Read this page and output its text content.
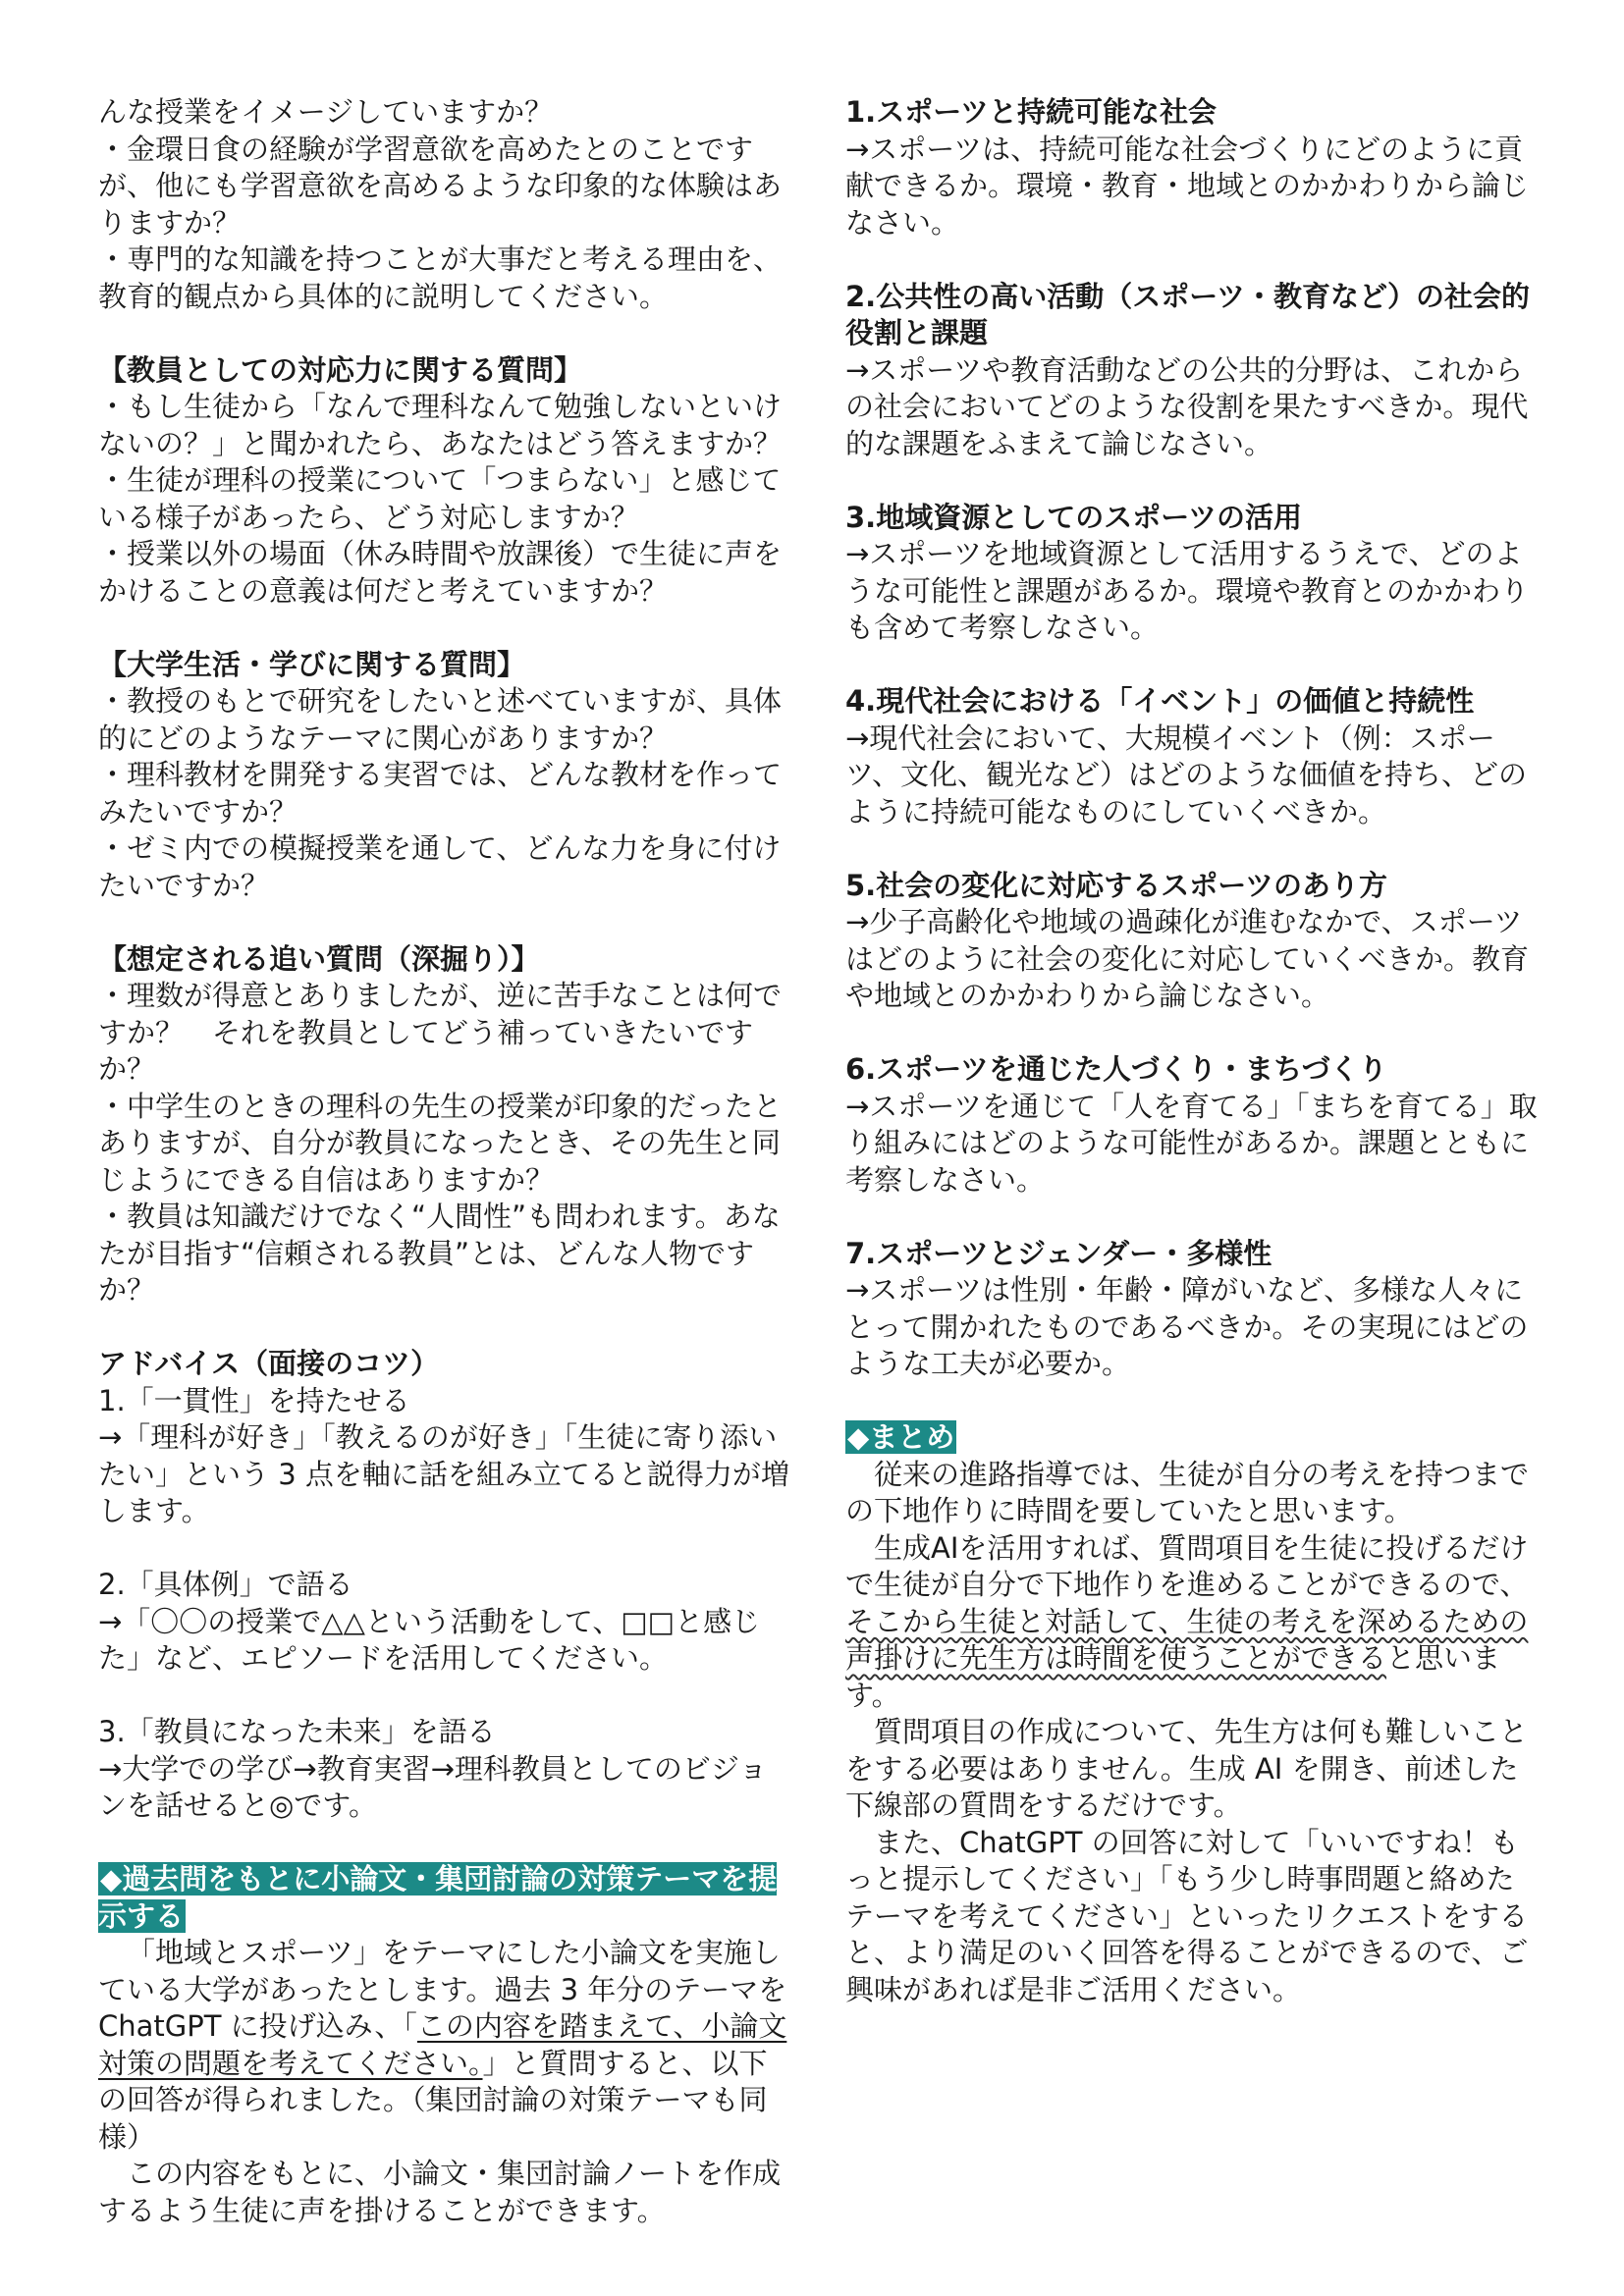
んな授業をイメージしていますか？

・金環日食の経験が学習意欲を高めたとのことですが、他にも学習意欲を高めるような印象的な体験はありますか？

・専門的な知識を持つことが大事だと考える理由を、教育的観点から具体的に説明してください。

【教員としての対応力に関する質問】

・もし生徒から「なんで理科なんて勉強しないといけないの？」と聞かれたら、あなたはどう答えますか？

・生徒が理科の授業について「つまらない」と感じている様子があったら、どう対応しますか？

・授業以外の場面（休み時間や放課後）で生徒に声をかけることの意義は何だと考えていますか？

【大学生活・学びに関する質問】

・教授のもとで研究をしたいと述べていますが、具体的にどのようなテーマに関心がありますか？

・理科教材を開発する実習では、どんな教材を作ってみたいですか？

・ゼミ内での模擬授業を通して、どんな力を身に付けたいですか？

【想定される追い質問（深掘り）】

・理数が得意とありましたが、逆に苦手なことは何ですか？　それを教員としてどう補っていきたいですか？

・中学生のときの理科の先生の授業が印象的だったとありますが、自分が教員になったとき、その先生と同じようにできる自信はありますか？

・教員は知識だけでなく“人間性”も問われます。あなたが目指す“信頼される教員”とは、どんな人物ですか？

アドバイス（面接のコツ）

1.「一貫性」を持たせる

→「理科が好き」「教えるのが好き」「生徒に寄り添いたい」という 3 点を軸に話を組み立てると説得力が増します。

2.「具体例」で語る

→「〇〇の授業で△△という活動をして、□□と感じた」など、エピソードを活用してください。

3.「教員になった未来」を語る

→大学での学び→教育実習→理科教員としてのビジョンを話せると◎です。

◆過去問をもとに小論文・集団討論の対策テーマを提示する

「地域とスポーツ」をテーマにした小論文を実施している大学があったとします。過去 3 年分のテーマを ChatGPT に投げ込み、「この内容を踏まえて、小論文対策の問題を考えてください。」と質問すると、以下の回答が得られました。（集団討論の対策テーマも同様）

この内容をもとに、小論文・集団討論ノートを作成するよう生徒に声を掛けることができます。

1.スポーツと持続可能な社会

→スポーツは、持続可能な社会づくりにどのように貢献できるか。環境・教育・地域とのかかわりから論じなさい。

2.公共性の高い活動（スポーツ・教育など）の社会的役割と課題

→スポーツや教育活動などの公共的分野は、これからの社会においてどのような役割を果たすべきか。現代的な課題をふまえて論じなさい。

3.地域資源としてのスポーツの活用

→スポーツを地域資源として活用するうえで、どのような可能性と課題があるか。環境や教育とのかかわりも含めて考察しなさい。

4.現代社会における「イベント」の価値と持続性

→現代社会において、大規模イベント（例：スポーツ、文化、観光など）はどのような価値を持ち、どのように持続可能なものにしていくべきか。

5.社会の変化に対応するスポーツのあり方

→少子高齢化や地域の過疎化が進むなかで、スポーツはどのように社会の変化に対応していくべきか。教育や地域とのかかわりから論じなさい。

6.スポーツを通じた人づくり・まちづくり

→スポーツを通じて「人を育てる」「まちを育てる」取り組みにはどのような可能性があるか。課題とともに考察しなさい。

7.スポーツとジェンダー・多様性

→スポーツは性別・年齢・障がいなど、多様な人々にとって開かれたものであるべきか。その実現にはどのような工夫が必要か。

◆まとめ

従来の進路指導では、生徒が自分の考えを持つまでの下地作りに時間を要していたと思います。

生成AIを活用すれば、質問項目を生徒に投げるだけで生徒が自分で下地作りを進めることができるので、そこから生徒と対話して、生徒の考えを深めるための声掛けに先生方は時間を使うことができると思います。

質問項目の作成について、先生方は何も難しいことをする必要はありません。生成 AI を開き、前述した下線部の質問をするだけです。

また、ChatGPT の回答に対して「いいですね！もっと提示してください」「もう少し時事問題と絡めたテーマを考えてください」といったリクエストをすると、より満足のいく回答を得ることができるので、ご興味があれば是非ご活用ください。
